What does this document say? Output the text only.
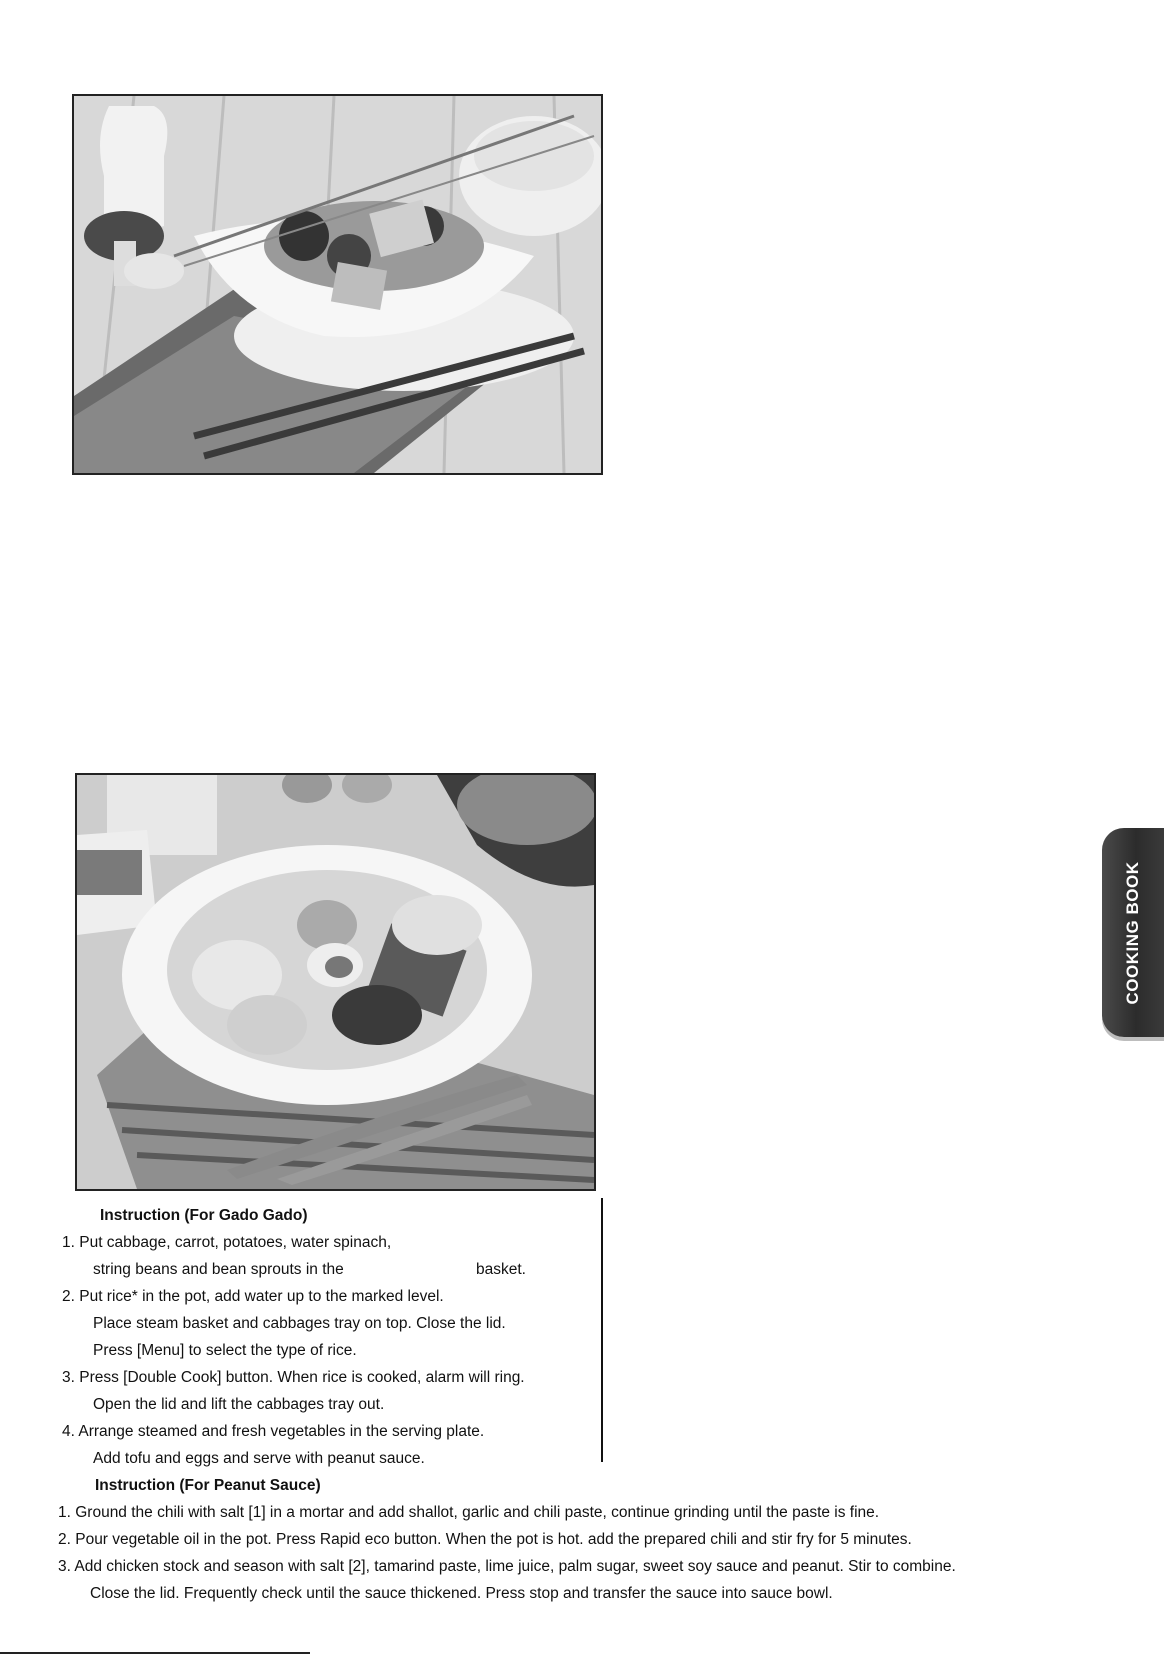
COOKING BOOK
Instruction (For Gado Gado)
1. Put cabbage, carrot, potatoes, water spinach,
string beans and bean sprouts in the	basket.
2. Put rice* in the pot, add water up to the marked level.
Place steam basket and cabbages tray on top. Close the lid.
Press [Menu] to select the type of rice.
3. Press [Double Cook] button. When rice is cooked, alarm will ring.
Open the lid and lift the cabbages tray out.
4. Arrange steamed and fresh vegetables in the serving plate.
Add tofu and eggs and serve with peanut sauce.
Instruction (For Peanut Sauce)
1. Ground the chili with salt [1] in a mortar and add shallot, garlic and chili paste, continue grinding until the paste is fine.
2. Pour vegetable oil in the pot. Press Rapid eco button. When the pot is hot. add the prepared chili and stir fry for 5 minutes.
3. Add chicken stock and season with salt [2], tamarind paste, lime juice, palm sugar, sweet soy sauce and peanut. Stir to combine.
Close the lid. Frequently check until the sauce thickened. Press stop and transfer the sauce into sauce bowl.
